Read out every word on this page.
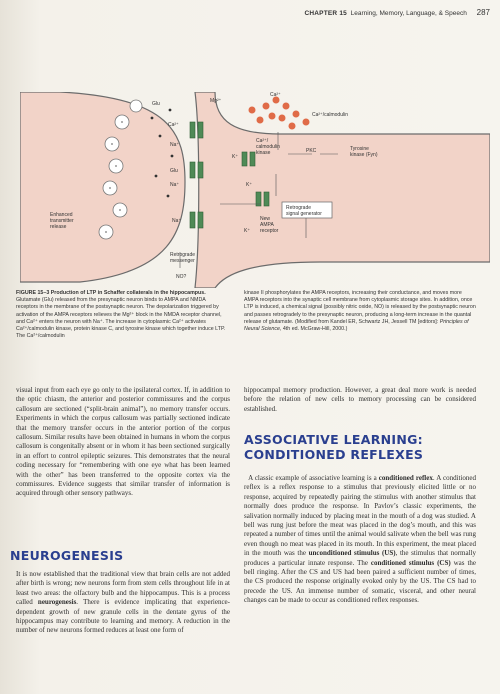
CHAPTER 15 Learning, Memory, Language, & Speech 287
Glu	Mg²⁺
Ca²⁺
Na⁺
Glu
Na⁺
Na⁺
Enhanced
transmitter
release
Ca²⁺
Ca²⁺/calmodulin
Ca²⁺/
calmodulin
kinase	PKC	Tyrosine
kinase (Fyn)
K⁺
K⁺
K⁺
Retrograde
signal generator
New
AMPA
receptor
Retrograde
messenger
NO?
FIGURE 15–3 Production of LTP in Schaffer collaterals in the hippocampus. Glutamate (Glu) released from the presynaptic neuron binds to AMPA and NMDA receptors in the membrane of the postsynaptic neuron. The depolarization triggered by activation of the AMPA receptors relieves the Mg²⁺ block in the NMDA receptor channel, and Ca²⁺ enters the neuron with Na⁺. The increase in cytoplasmic Ca²⁺ activates Ca²⁺/calmodulin kinase, protein kinase C, and tyrosine kinase which together induce LTP. The Ca²⁺/calmodulin
kinase II phosphorylates the AMPA receptors, increasing their conductance, and moves more AMPA receptors into the synaptic cell membrane from cytoplasmic storage sites. In addition, once LTP is induced, a chemical signal (possibly nitric oxide, NO) is released by the postsynaptic neuron and passes retrogradely to the presynaptic neuron, producing a long-term increase in the quantal release of glutamate. (Modified from Kandel ER, Schwartz JH, Jessell TM [editors]: Principles of Neural Science, 4th ed. McGraw-Hill, 2000.)
visual input from each eye go only to the ipsilateral cortex. If, in addition to the optic chiasm, the anterior and posterior commissures and the corpus callosum are sectioned (“split-brain animal”), no memory transfer occurs. Experiments in which the corpus callosum was partially sectioned indicate that the memory transfer occurs in the anterior portion of the corpus callosum. Similar results have been obtained in humans in whom the corpus callosum is congenitally absent or in whom it has been sectioned surgically in an effort to control epileptic seizures. This demonstrates that the neural coding necessary for “remembering with one eye what has been learned with the other” has been transferred to the opposite cortex via the commissures. Evidence suggests that similar transfer of information is acquired through other sensory pathways.
NEUROGENESIS
It is now established that the traditional view that brain cells are not added after birth is wrong; new neurons form from stem cells throughout life in at least two areas: the olfactory bulb and the hippocampus. This is a process called neurogenesis. There is evidence implicating that experience-dependent growth of new granule cells in the dentate gyrus of the hippocampus may contribute to learning and memory. A reduction in the number of new neurons formed reduces at least one form of
hippocampal memory production. However, a great deal more work is needed before the relation of new cells to memory processing can be considered established.
ASSOCIATIVE LEARNING:
CONDITIONED REFLEXES
A classic example of associative learning is a conditioned reflex. A conditioned reflex is a reflex response to a stimulus that previously elicited little or no response, acquired by repeatedly pairing the stimulus with another stimulus that normally does produce the response. In Pavlov’s classic experiments, the salivation normally induced by placing meat in the mouth of a dog was studied. A bell was rung just before the meat was placed in the dog’s mouth, and this was repeated a number of times until the animal would salivate when the bell was rung even though no meat was placed in its mouth. In this experiment, the meat placed in the mouth was the unconditioned stimulus (US), the stimulus that normally produces a particular innate response. The conditioned stimulus (CS) was the bell ringing. After the CS and US had been paired a sufficient number of times, the CS produced the response originally evoked only by the US. The CS had to precede the US. An immense number of somatic, visceral, and other neural changes can be made to occur as conditioned reflex responses.
